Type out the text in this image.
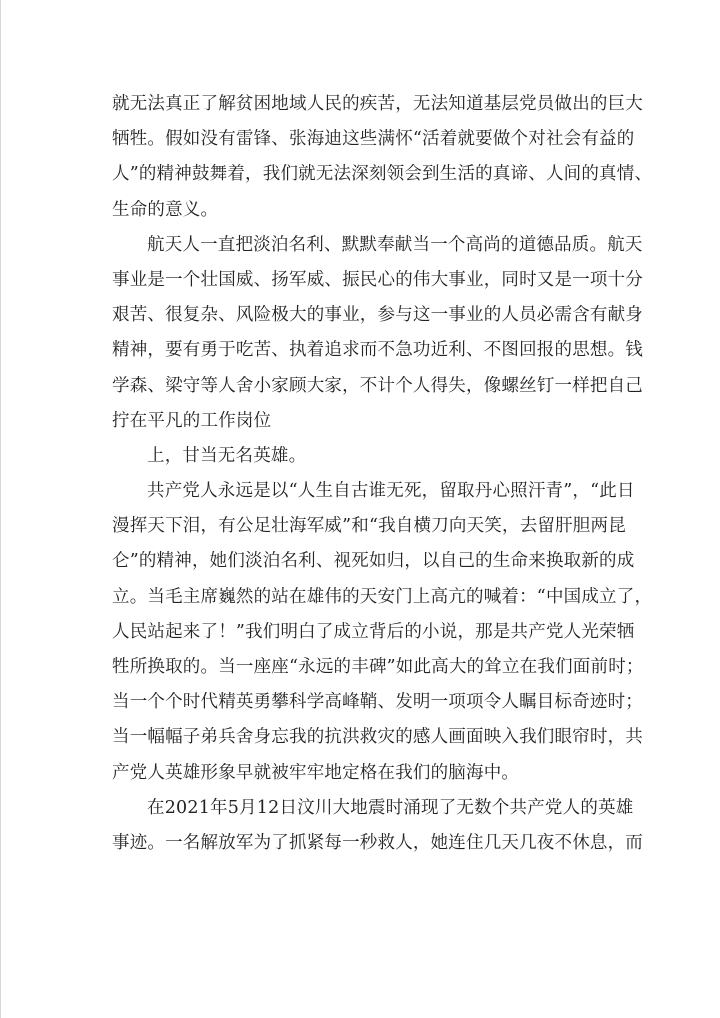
就无法真正了解贫困地域人民的疾苦，无法知道基层党员做出的巨大
牺牲。假如没有雷锋、张海迪这些满怀“活着就要做个对社会有益的
人”的精神鼓舞着，我们就无法深刻领会到生活的真谛、人间的真情、
生命的意义。

航天人一直把淡泊名利、默默奉献当一个高尚的道德品质。航天
事业是一个壮国威、扬军威、振民心的伟大事业，同时又是一项十分
艰苦、很复杂、风险极大的事业，参与这一事业的人员必需含有献身
精神，要有勇于吃苦、执着追求而不急功近利、不图回报的思想。钱
学森、梁守等人舍小家顾大家，不计个人得失，像螺丝钉一样把自己
拧在平凡的工作岗位

上，甘当无名英雄。

共产党人永远是以“人生自古谁无死，留取丹心照汗青”，“此日
漫挥天下泪，有公足壮海军威”和“我自横刀向天笑，去留肝胆两昆
仑”的精神，她们淡泊名利、视死如归，以自己的生命来换取新的成
立。当毛主席巍然的站在雄伟的天安门上高亢的喊着：“中国成立了，
人民站起来了！”我们明白了成立背后的小说，那是共产党人光荣牺
牲所换取的。当一座座“永远的丰碑”如此高大的耸立在我们面前时；
当一个个时代精英勇攀科学高峰鞘、发明一项项令人瞩目标奇迹时；
当一幅幅子弟兵舍身忘我的抗洪救灾的感人画面映入我们眼帘时，共
产党人英雄形象早就被牢牢地定格在我们的脑海中。

在2021年5月12日汶川大地震时涌现了无数个共产党人的英雄
事迹。一名解放军为了抓紧每一秒救人，她连住几天几夜不休息，而
